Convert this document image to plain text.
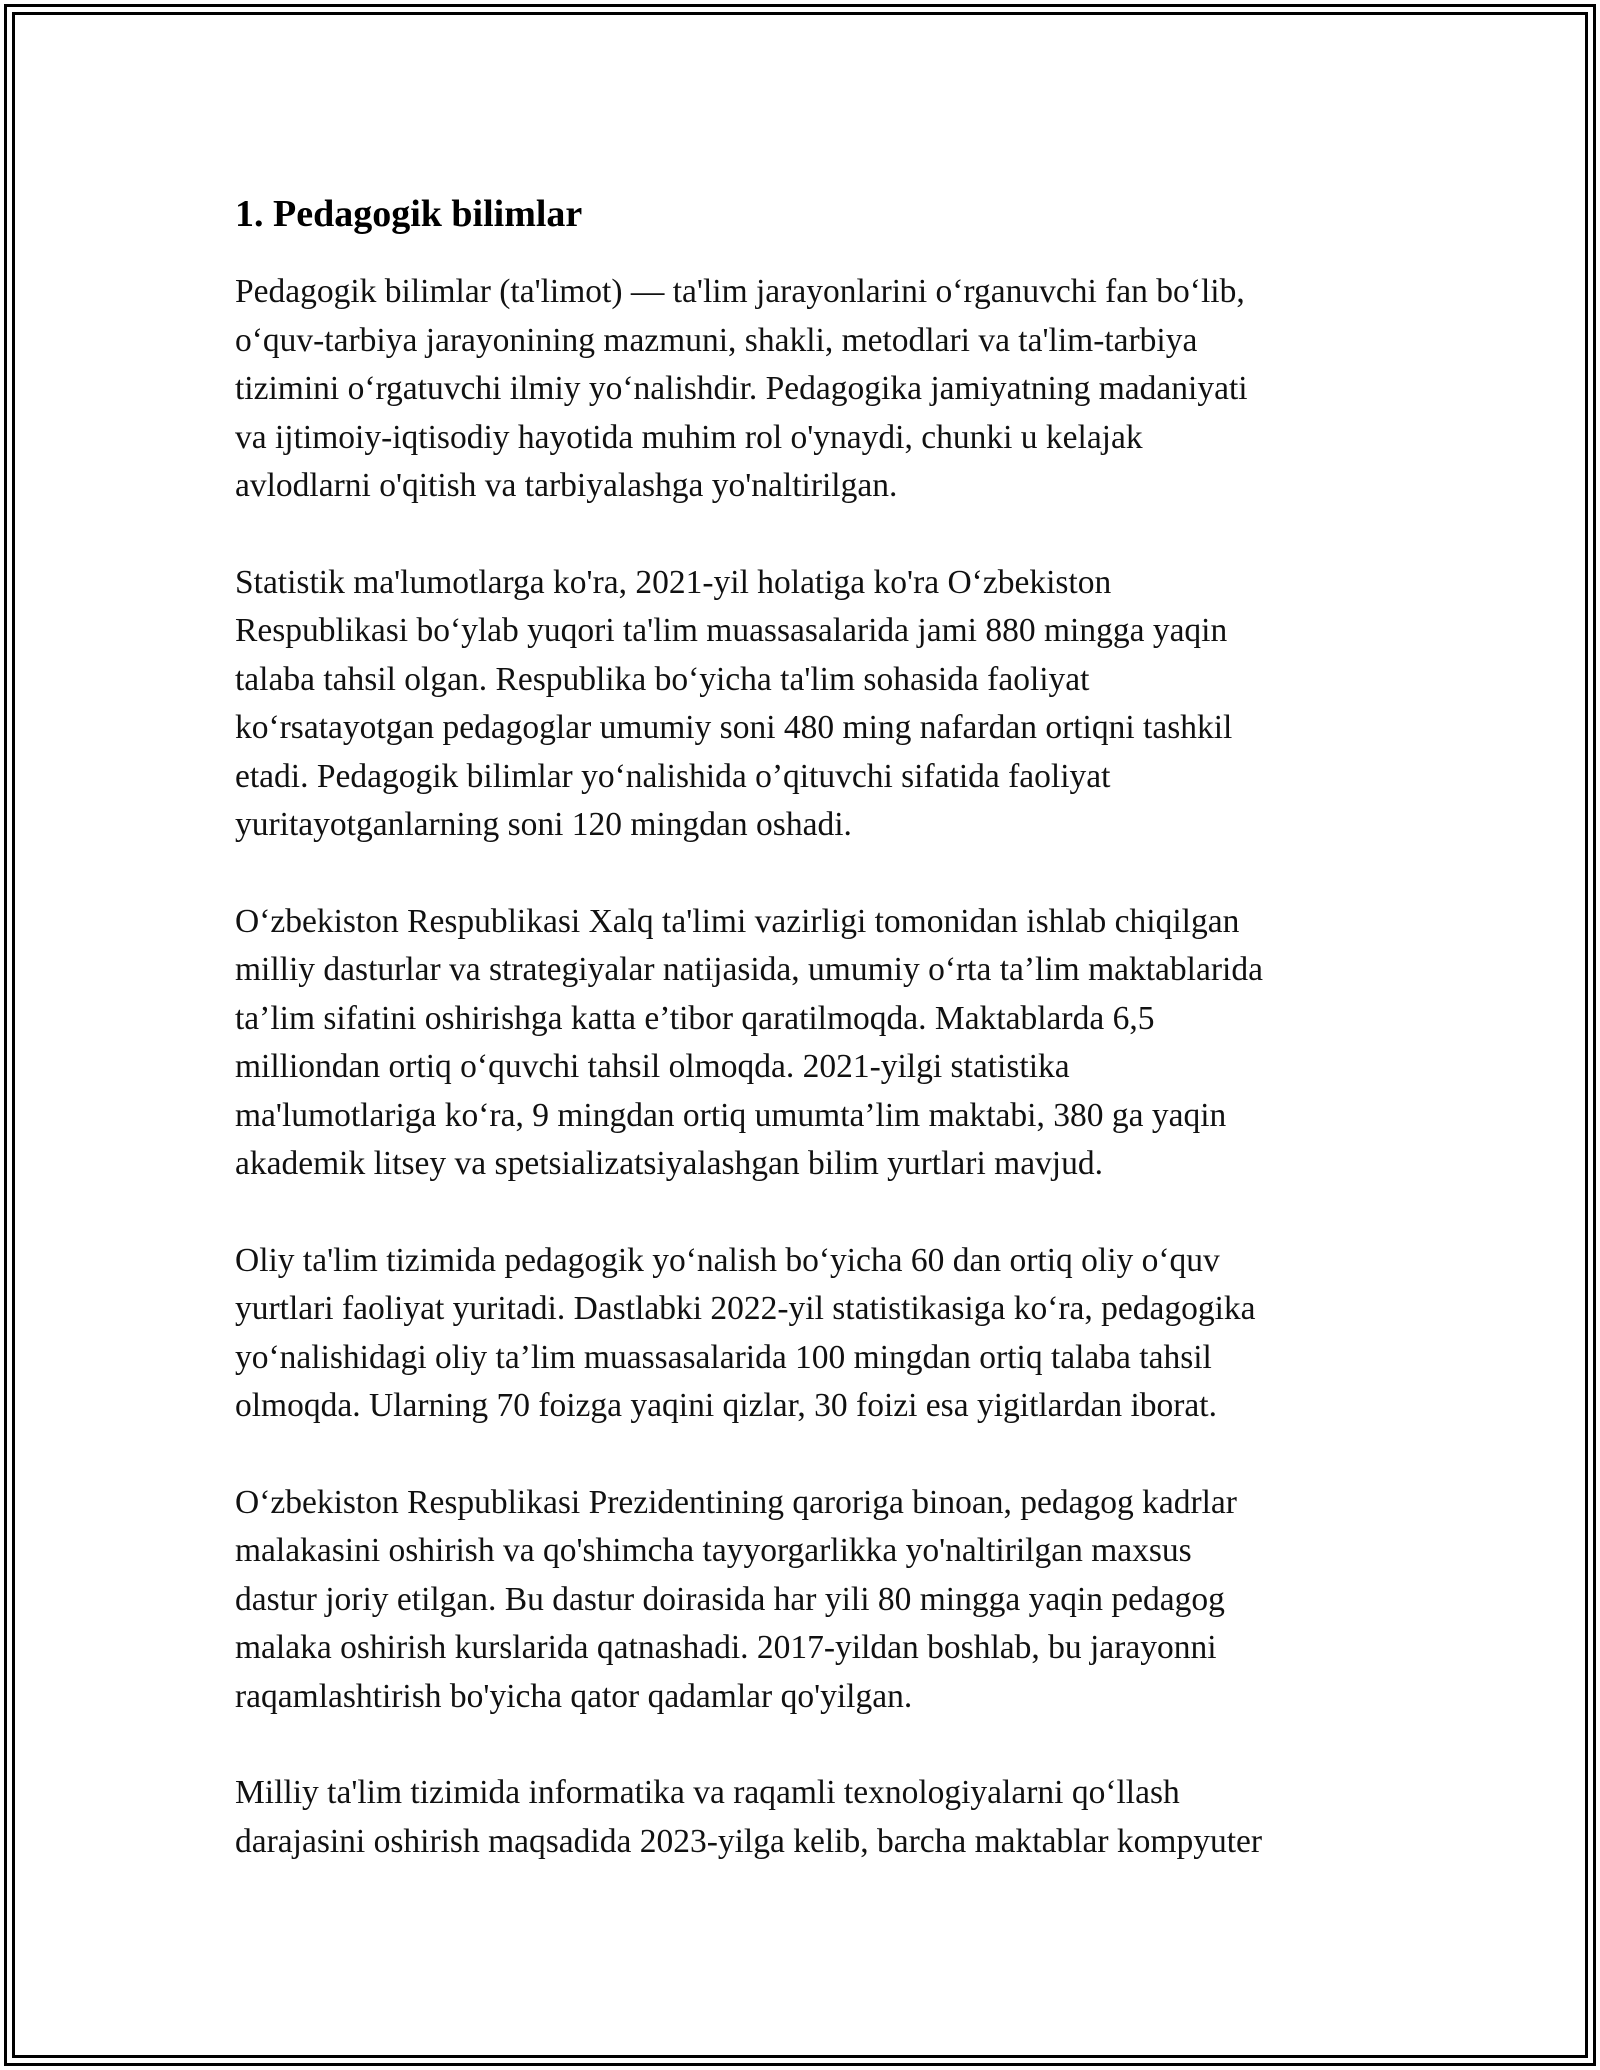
1. Pedagogik bilimlar

Pedagogik bilimlar (ta'limot) — ta'lim jarayonlarini o‘rganuvchi fan bo‘lib,
o‘quv-tarbiya jarayonining mazmuni, shakli, metodlari va ta'lim-tarbiya
tizimini o‘rgatuvchi ilmiy yo‘nalishdir. Pedagogika jamiyatning madaniyati
va ijtimoiy-iqtisodiy hayotida muhim rol o'ynaydi, chunki u kelajak
avlodlarni o'qitish va tarbiyalashga yo'naltirilgan.

Statistik ma'lumotlarga ko'ra, 2021-yil holatiga ko'ra O‘zbekiston
Respublikasi bo‘ylab yuqori ta'lim muassasalarida jami 880 mingga yaqin
talaba tahsil olgan. Respublika bo‘yicha ta'lim sohasida faoliyat
ko‘rsatayotgan pedagoglar umumiy soni 480 ming nafardan ortiqni tashkil
etadi. Pedagogik bilimlar yo‘nalishida o’qituvchi sifatida faoliyat
yuritayotganlarning soni 120 mingdan oshadi.

O‘zbekiston Respublikasi Xalq ta'limi vazirligi tomonidan ishlab chiqilgan
milliy dasturlar va strategiyalar natijasida, umumiy o‘rta ta’lim maktablarida
ta’lim sifatini oshirishga katta e’tibor qaratilmoqda. Maktablarda 6,5
milliondan ortiq o‘quvchi tahsil olmoqda. 2021-yilgi statistika
ma'lumotlariga ko‘ra, 9 mingdan ortiq umumta’lim maktabi, 380 ga yaqin
akademik litsey va spetsializatsiyalashgan bilim yurtlari mavjud.

Oliy ta'lim tizimida pedagogik yo‘nalish bo‘yicha 60 dan ortiq oliy o‘quv
yurtlari faoliyat yuritadi. Dastlabki 2022-yil statistikasiga ko‘ra, pedagogika
yo‘nalishidagi oliy ta’lim muassasalarida 100 mingdan ortiq talaba tahsil
olmoqda. Ularning 70 foizga yaqini qizlar, 30 foizi esa yigitlardan iborat.

O‘zbekiston Respublikasi Prezidentining qaroriga binoan, pedagog kadrlar
malakasini oshirish va qo'shimcha tayyorgarlikka yo'naltirilgan maxsus
dastur joriy etilgan. Bu dastur doirasida har yili 80 mingga yaqin pedagog
malaka oshirish kurslarida qatnashadi. 2017-yildan boshlab, bu jarayonni
raqamlashtirish bo'yicha qator qadamlar qo'yilgan.

Milliy ta'lim tizimida informatika va raqamli texnologiyalarni qo‘llash
darajasini oshirish maqsadida 2023-yilga kelib, barcha maktablar kompyuter
